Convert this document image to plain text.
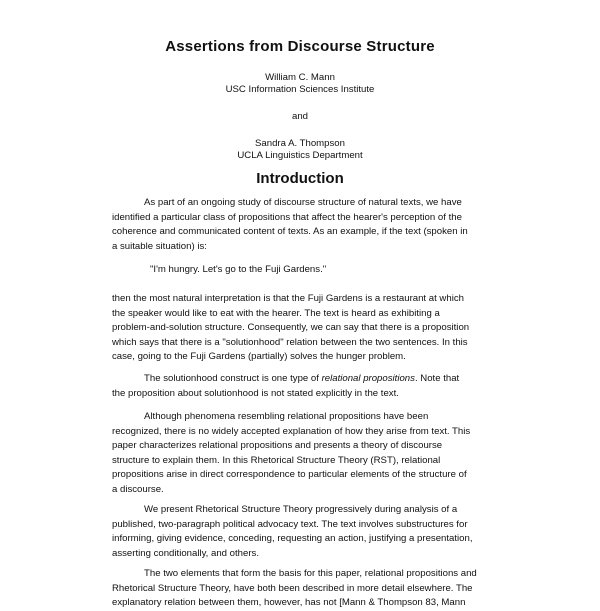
Assertions from Discourse Structure
William C. Mann
USC Information Sciences Institute
and
Sandra A. Thompson
UCLA Linguistics Department
Introduction
As part of an ongoing study of discourse structure of natural texts, we have
identified a particular class of propositions that affect the hearer's perception of the
coherence and communicated content of texts. As an example, if the text (spoken in
a suitable situation) is:
"I'm hungry. Let's go to the Fuji Gardens."
then the most natural interpretation is that the Fuji Gardens is a restaurant at which
the speaker would like to eat with the hearer. The text is heard as exhibiting a
problem-and-solution structure. Consequently, we can say that there is a proposition
which says that there is a "solutionhood" relation between the two sentences. In this
case, going to the Fuji Gardens (partially) solves the hunger problem.
The solutionhood construct is one type of relational propositions. Note that
the proposition about solutionhood is not stated explicitly in the text.
Although phenomena resembling relational propositions have been
recognized, there is no widely accepted explanation of how they arise from text. This
paper characterizes relational propositions and presents a theory of discourse
structure to explain them. In this Rhetorical Structure Theory (RST), relational
propositions arise in direct correspondence to particular elements of the structure of
a discourse.
We present Rhetorical Structure Theory progressively during analysis of a
published, two-paragraph political advocacy text. The text involves substructures for
informing, giving evidence, conceding, requesting an action, justifying a presentation,
asserting conditionally, and others.
The two elements that form the basis for this paper, relational propositions and
Rhetorical Structure Theory, have both been described in more detail elsewhere. The
explanatory relation between them, however, has not [Mann & Thompson 83, Mann
